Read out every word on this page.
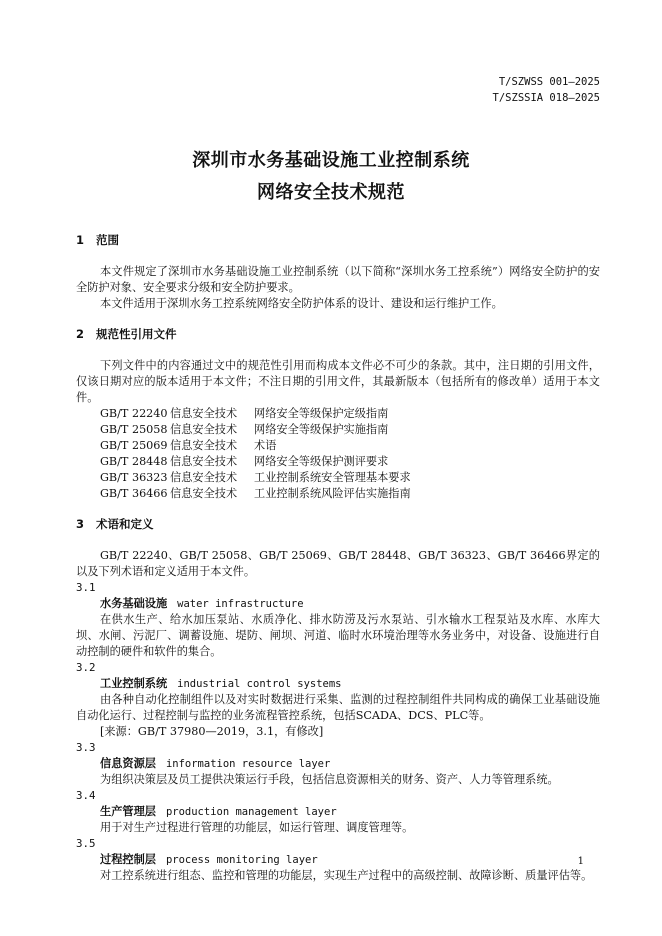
T/SZWSS 001—2025
T/SZSSIA 018—2025
深圳市水务基础设施工业控制系统
网络安全技术规范
1 范围

本文件规定了深圳市水务基础设施工业控制系统（以下简称“深圳水务工控系统”）网络安全防护的安全防护对象、安全要求分级和安全防护要求。

本文件适用于深圳水务工控系统网络安全防护体系的设计、建设和运行维护工作。

2 规范性引用文件

下列文件中的内容通过文中的规范性引用而构成本文件必不可少的条款。其中，注日期的引用文件，仅该日期对应的版本适用于本文件；不注日期的引用文件，其最新版本（包括所有的修改单）适用于本文件。

GB/T 22240 信息安全技术	网络安全等级保护定级指南
GB/T 25058 信息安全技术	网络安全等级保护实施指南
GB/T 25069 信息安全技术	术语
GB/T 28448 信息安全技术	网络安全等级保护测评要求
GB/T 36323 信息安全技术	工业控制系统安全管理基本要求
GB/T 36466 信息安全技术	工业控制系统风险评估实施指南
3 术语和定义

GB/T 22240、GB/T 25058、GB/T 25069、GB/T 28448、GB/T 36323、GB/T 36466界定的以及下列术语和定义适用于本文件。

3.1

水务基础设施 water infrastructure

在供水生产、给水加压泵站、水质净化、排水防涝及污水泵站、引水输水工程泵站及水库、水库大坝、水闸、污泥厂、调蓄设施、堤防、闸坝、河道、临时水环境治理等水务业务中，对设备、设施进行自动控制的硬件和软件的集合。

3.2

工业控制系统 industrial control systems

由各种自动化控制组件以及对实时数据进行采集、监测的过程控制组件共同构成的确保工业基础设施自动化运行、过程控制与监控的业务流程管控系统，包括SCADA、DCS、PLC等。

[来源：GB/T 37980—2019，3.1，有修改]

3.3

信息资源层 information resource layer

为组织决策层及员工提供决策运行手段，包括信息资源相关的财务、资产、人力等管理系统。

3.4

生产管理层 production management layer

用于对生产过程进行管理的功能层，如运行管理、调度管理等。

3.5

过程控制层 process monitoring layer

对工控系统进行组态、监控和管理的功能层，实现生产过程中的高级控制、故障诊断、质量评估等。

1
